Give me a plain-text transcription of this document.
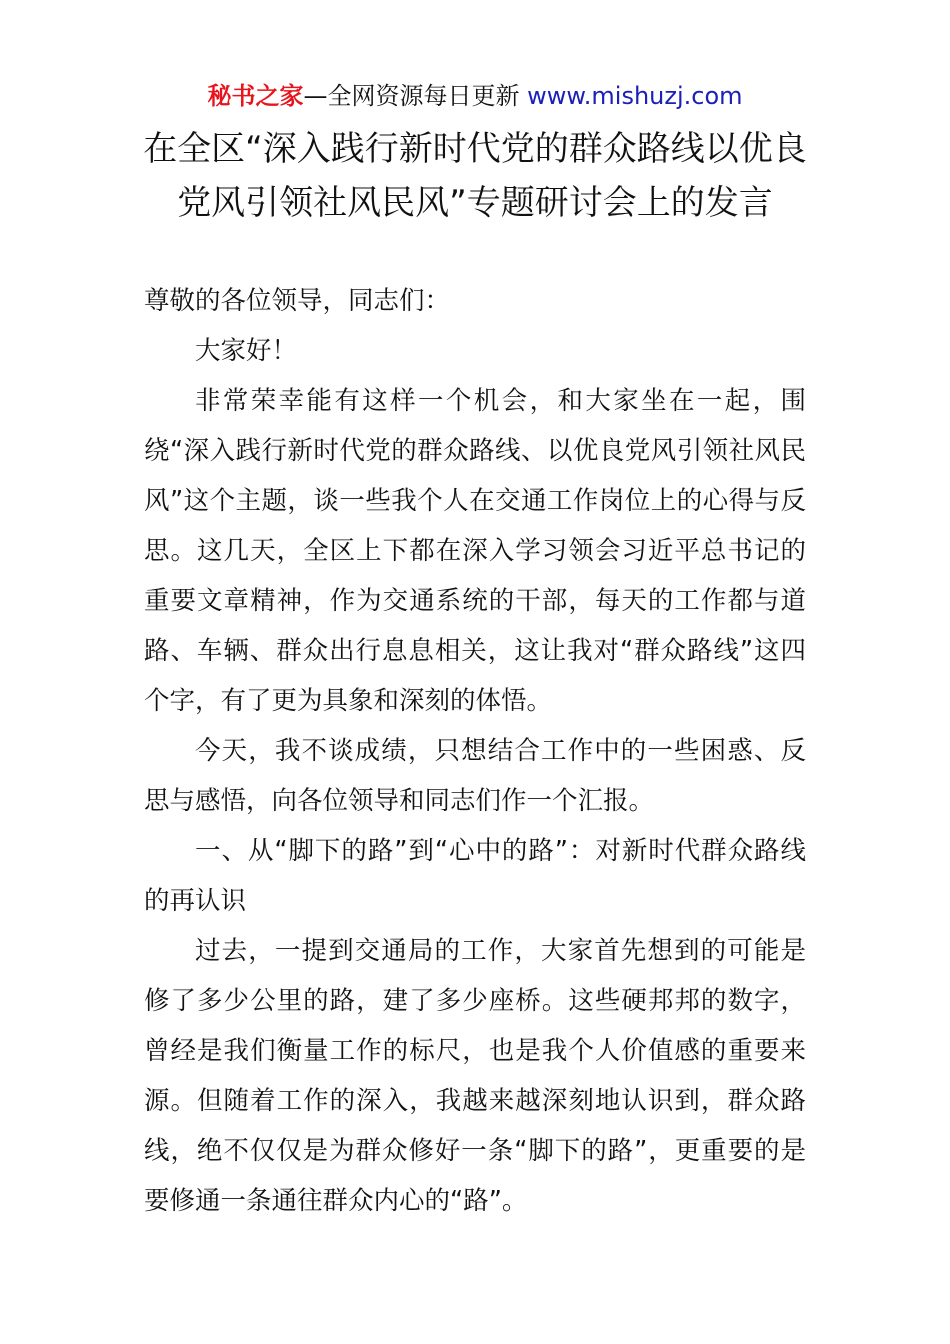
秘书之家—全网资源每日更新 www.mishuzj.com
在全区“深入践行新时代党的群众路线以优良
党风引领社风民风”专题研讨会上的发言

尊敬的各位领导，同志们：

大家好！

非常荣幸能有这样一个机会，和大家坐在一起，围绕“深入践行新时代党的群众路线、以优良党风引领社风民风”这个主题，谈一些我个人在交通工作岗位上的心得与反思。这几天，全区上下都在深入学习领会习近平总书记的重要文章精神，作为交通系统的干部，每天的工作都与道路、车辆、群众出行息息相关，这让我对“群众路线”这四个字，有了更为具象和深刻的体悟。

今天，我不谈成绩，只想结合工作中的一些困惑、反思与感悟，向各位领导和同志们作一个汇报。

一、从“脚下的路”到“心中的路”：对新时代群众路线的再认识

过去，一提到交通局的工作，大家首先想到的可能是修了多少公里的路，建了多少座桥。这些硬邦邦的数字，曾经是我们衡量工作的标尺，也是我个人价值感的重要来源。但随着工作的深入，我越来越深刻地认识到，群众路线，绝不仅仅是为群众修好一条“脚下的路”，更重要的是要修通一条通往群众内心的“路”。
